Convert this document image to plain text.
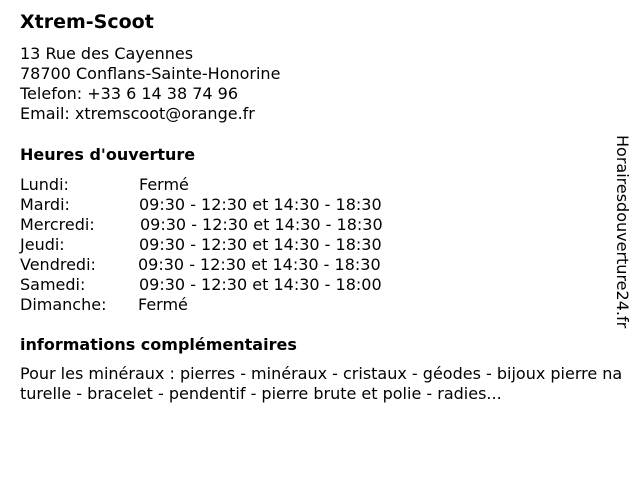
Xtrem-Scoot
13 Rue des Cayennes
78700 Conflans-Sainte-Honorine
Telefon: +33 6 14 38 74 96
Email: xtremscoot@orange.fr
Heures d'ouverture
Lundi:	Fermé
Mardi:	09:30 - 12:30 et 14:30 - 18:30
Mercredi:	09:30 - 12:30 et 14:30 - 18:30
Jeudi:	09:30 - 12:30 et 14:30 - 18:30
Vendredi:	09:30 - 12:30 et 14:30 - 18:30
Samedi:	09:30 - 12:30 et 14:30 - 18:00
Dimanche: Fermé
informations complémentaires
Pour les minéraux : pierres - minéraux - cristaux - géodes - bijoux pierre naturelle - bracelet - pendentif - pierre brute et polie - radies...
Horairesdouverture24.fr
